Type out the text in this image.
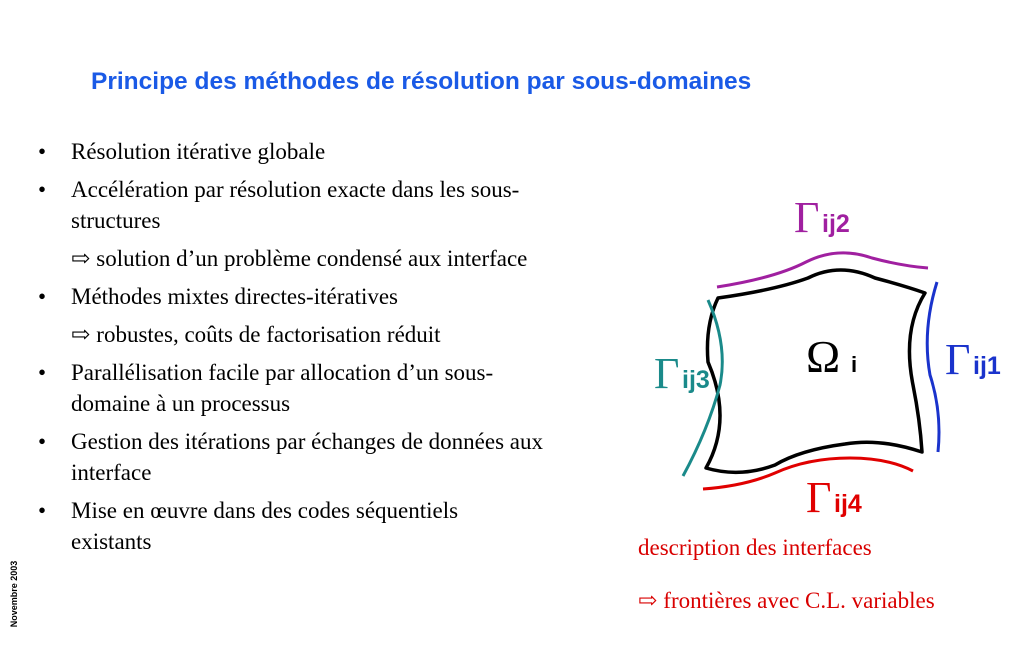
Principe des méthodes de résolution par sous-domaines
• Résolution itérative globale
• Accélération par résolution exacte dans les sous-
structures
⇨ solution d’un problème condensé aux interface
• Méthodes mixtes directes-itératives
⇨ robustes, coûts de factorisation réduit
• Parallélisation facile par allocation d’un sous-
domaine à un processus
• Gestion des itérations par échanges de données aux
interface
• Mise en œuvre dans des codes séquentiels
existants
Ω i
Γ ij2
Γ ij1
Γ ij3
Γ ij4
description des interfaces
⇨ frontières avec C.L. variables
Novembre 2003
